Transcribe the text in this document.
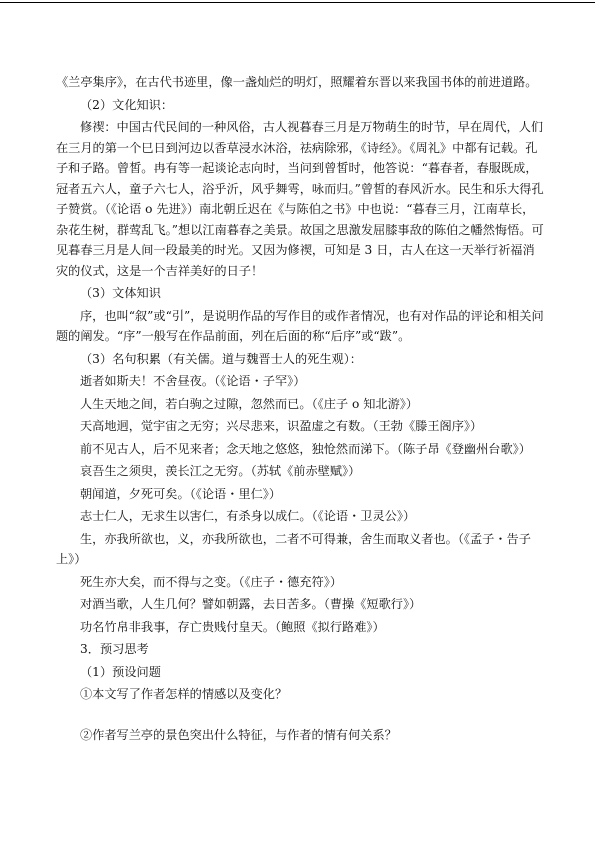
《兰亭集序》，在古代书迹里，像一盏灿烂的明灯，照耀着东晋以来我国书体的前进道路。

（2）文化知识：

修禊：中国古代民间的一种风俗，古人视暮春三月是万物萌生的时节，早在周代，人们在三月的第一个巳日到河边以香草浸水沐浴，祛病除邪，《诗经》。《周礼》中都有记载。孔子和子路。曾皙。冉有等一起谈论志向时，当问到曾皙时，他答说：“暮春者，春服既成，冠者五六人，童子六七人，浴乎沂，风乎舞雩，咏而归。”曾皙的春风沂水。民生和乐大得孔子赞赏。（《论语 o 先进》）南北朝丘迟在《与陈伯之书》中也说：“暮春三月，江南草长，杂花生树，群莺乱飞。”想以江南暮春之美景。故国之思激发屈膝事敌的陈伯之幡然悔悟。可见暮春三月是人间一段最美的时光。又因为修禊，可知是 3 日，古人在这一天举行祈福消灾的仪式，这是一个吉祥美好的日子！

（3）文体知识

序，也叫“叙”或“引”，是说明作品的写作目的或作者情况，也有对作品的评论和相关问题的阐发。“序”一般写在作品前面，列在后面的称“后序”或“跋”。

（3）名句积累（有关儒。道与魏晋士人的死生观）：

逝者如斯夫！不舍昼夜。（《论语・子罕》）

人生天地之间，若白驹之过隙，忽然而已。（《庄子 o 知北游》）

天高地迥，觉宇宙之无穷；兴尽悲来，识盈虚之有数。（王勃《滕王阁序》）

前不见古人，后不见来者；念天地之悠悠，独怆然而涕下。（陈子昂《登幽州台歌》）

哀吾生之须臾，羡长江之无穷。（苏轼《前赤壁赋》）

朝闻道，夕死可矣。（《论语・里仁》）

志士仁人，无求生以害仁，有杀身以成仁。（《论语・卫灵公》）

生，亦我所欲也，义，亦我所欲也，二者不可得兼，舍生而取义者也。（《孟子・告子上》）

死生亦大矣，而不得与之变。（《庄子・德充符》）

对酒当歌，人生几何？譬如朝露，去日苦多。（曹操《短歌行》）

功名竹帛非我事，存亡贵贱付皇天。（鲍照《拟行路难》）

3．预习思考

（1）预设问题

①本文写了作者怎样的情感以及变化？

②作者写兰亭的景色突出什么特征，与作者的情有何关系？
